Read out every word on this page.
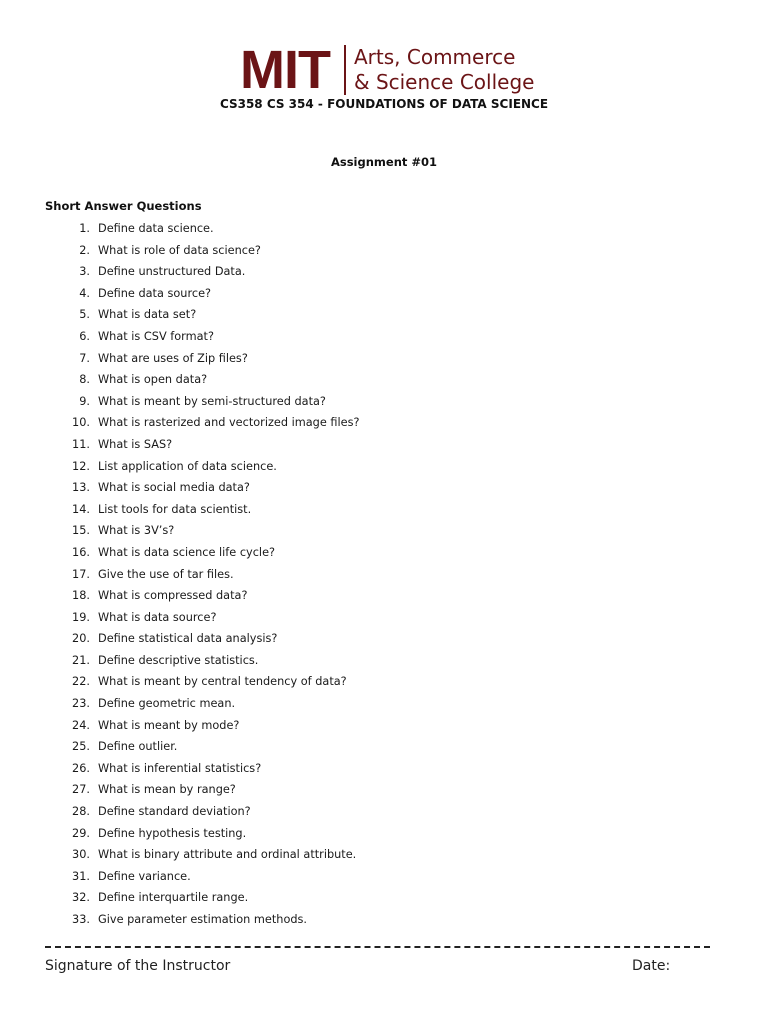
MIT Arts, Commerce
& Science College
CS358 CS 354 - FOUNDATIONS OF DATA SCIENCE
Assignment #01
Short Answer Questions
1. Define data science.
2. What is role of data science?
3. Define unstructured Data.
4. Define data source?
5. What is data set?
6. What is CSV format?
7. What are uses of Zip files?
8. What is open data?
9. What is meant by semi-structured data?
10. What is rasterized and vectorized image files?
11. What is SAS?
12. List application of data science.
13. What is social media data?
14. List tools for data scientist.
15. What is 3V’s?
16. What is data science life cycle?
17. Give the use of tar files.
18. What is compressed data?
19. What is data source?
20. Define statistical data analysis?
21. Define descriptive statistics.
22. What is meant by central tendency of data?
23. Define geometric mean.
24. What is meant by mode?
25. Define outlier.
26. What is inferential statistics?
27. What is mean by range?
28. Define standard deviation?
29. Define hypothesis testing.
30. What is binary attribute and ordinal attribute.
31. Define variance.
32. Define interquartile range.
33. Give parameter estimation methods.
Signature of the Instructor	Date:
